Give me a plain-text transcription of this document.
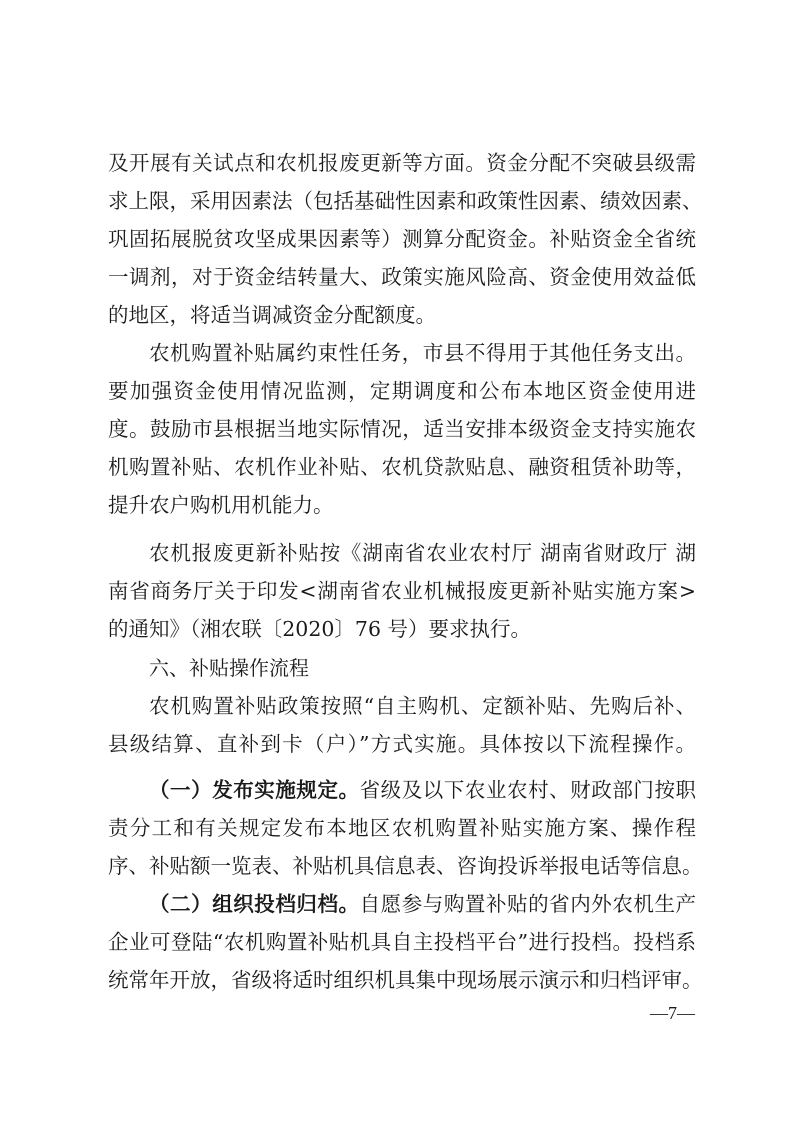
及开展有关试点和农机报废更新等方面。资金分配不突破县级需
求上限，采用因素法（包括基础性因素和政策性因素、绩效因素、
巩固拓展脱贫攻坚成果因素等）测算分配资金。补贴资金全省统
一调剂，对于资金结转量大、政策实施风险高、资金使用效益低
的地区，将适当调减资金分配额度。
农机购置补贴属约束性任务，市县不得用于其他任务支出。
要加强资金使用情况监测，定期调度和公布本地区资金使用进
度。鼓励市县根据当地实际情况，适当安排本级资金支持实施农
机购置补贴、农机作业补贴、农机贷款贴息、融资租赁补助等，
提升农户购机用机能力。
农机报废更新补贴按《湖南省农业农村厅 湖南省财政厅 湖
南省商务厅关于印发<湖南省农业机械报废更新补贴实施方案>
的通知》（湘农联〔2020〕76 号）要求执行。
六、补贴操作流程
农机购置补贴政策按照“自主购机、定额补贴、先购后补、
县级结算、直补到卡（户）”方式实施。具体按以下流程操作。
（一）发布实施规定。省级及以下农业农村、财政部门按职
责分工和有关规定发布本地区农机购置补贴实施方案、操作程
序、补贴额一览表、补贴机具信息表、咨询投诉举报电话等信息。
（二）组织投档归档。自愿参与购置补贴的省内外农机生产
企业可登陆“农机购置补贴机具自主投档平台”进行投档。投档系
统常年开放，省级将适时组织机具集中现场展示演示和归档评审。
—7—
